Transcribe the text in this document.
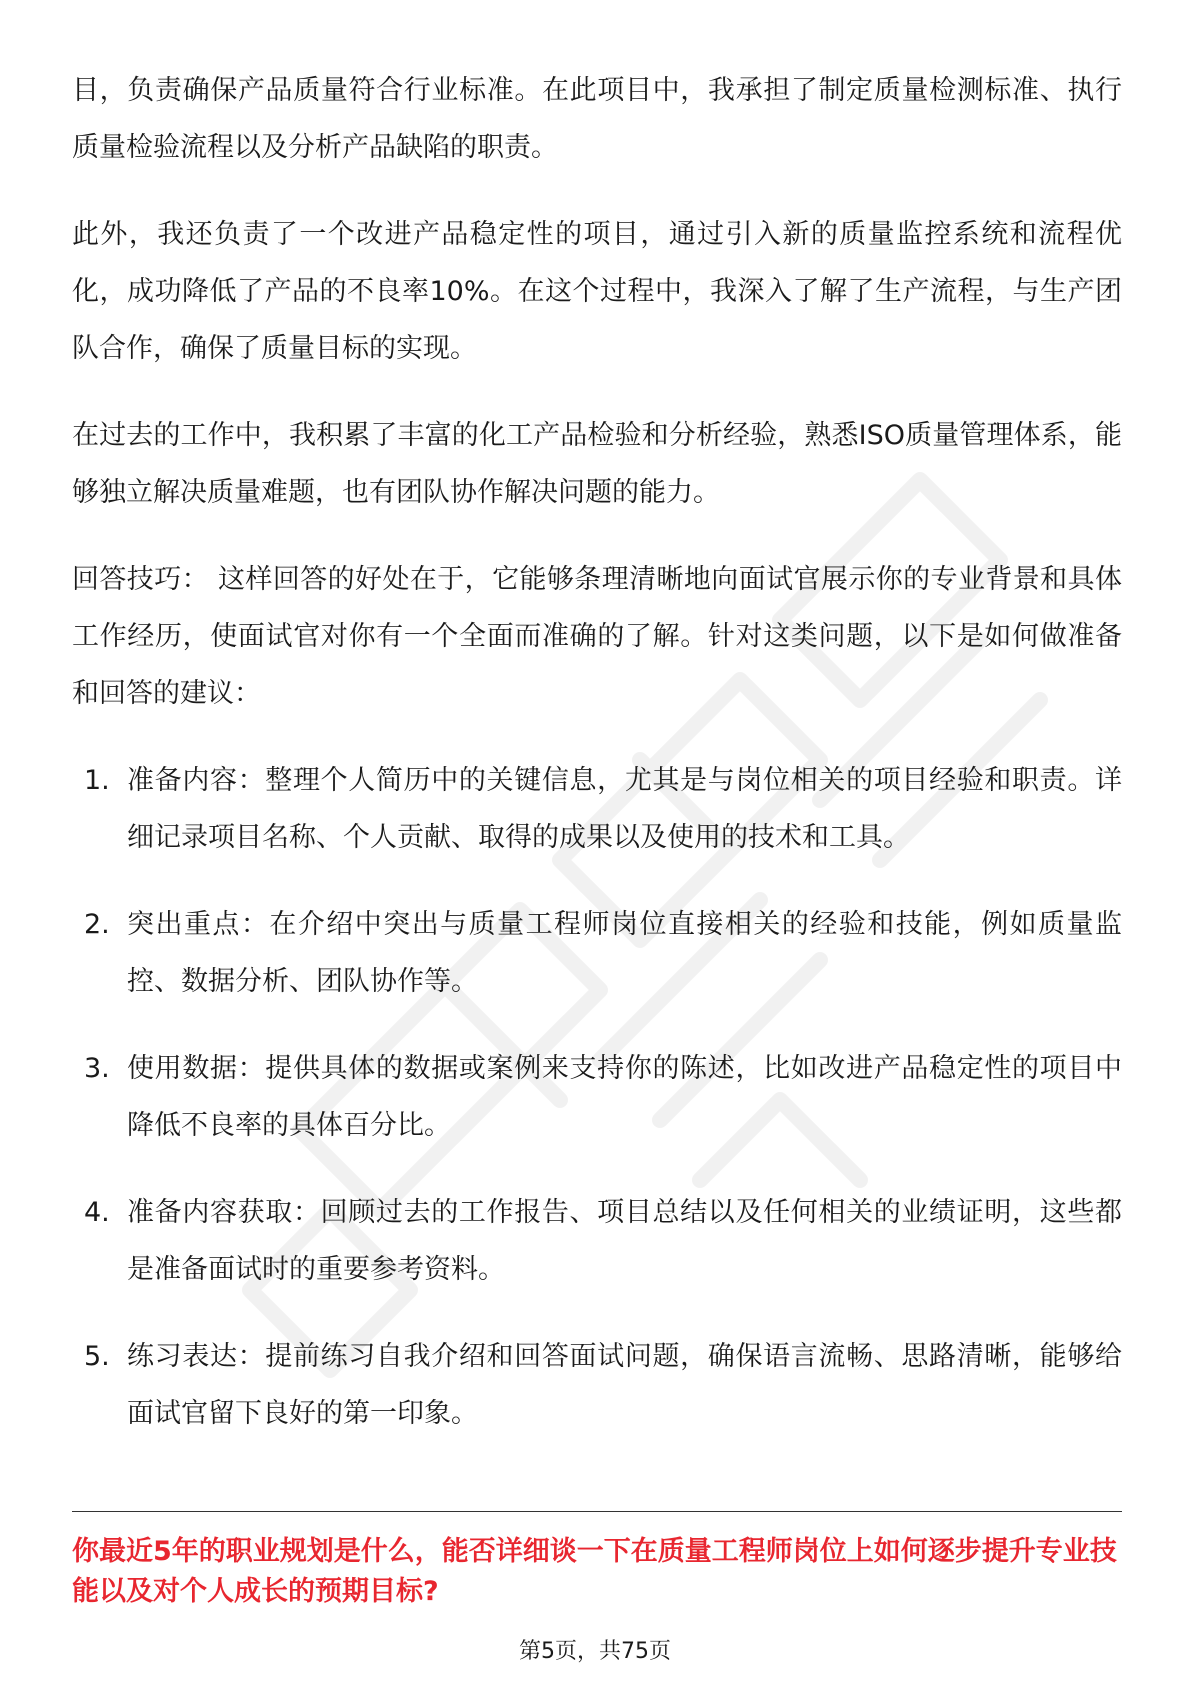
目，负责确保产品质量符合行业标准。在此项目中，我承担了制定质量检测标准、执行质量检验流程以及分析产品缺陷的职责。

此外，我还负责了一个改进产品稳定性的项目，通过引入新的质量监控系统和流程优化，成功降低了产品的不良率10%。在这个过程中，我深入了解了生产流程，与生产团队合作，确保了质量目标的实现。

在过去的工作中，我积累了丰富的化工产品检验和分析经验，熟悉ISO质量管理体系，能够独立解决质量难题，也有团队协作解决问题的能力。

回答技巧： 这样回答的好处在于，它能够条理清晰地向面试官展示你的专业背景和具体工作经历，使面试官对你有一个全面而准确的了解。针对这类问题，以下是如何做准备和回答的建议：

1. 准备内容：整理个人简历中的关键信息，尤其是与岗位相关的项目经验和职责。详细记录项目名称、个人贡献、取得的成果以及使用的技术和工具。
2. 突出重点：在介绍中突出与质量工程师岗位直接相关的经验和技能，例如质量监控、数据分析、团队协作等。
3. 使用数据：提供具体的数据或案例来支持你的陈述，比如改进产品稳定性的项目中降低不良率的具体百分比。
4. 准备内容获取：回顾过去的工作报告、项目总结以及任何相关的业绩证明，这些都是准备面试时的重要参考资料。
5. 练习表达：提前练习自我介绍和回答面试问题，确保语言流畅、思路清晰，能够给面试官留下良好的第一印象。
你最近5年的职业规划是什么，能否详细谈一下在质量工程师岗位上如何逐步提升专业技能以及对个人成长的预期目标?
第5页，共75页
